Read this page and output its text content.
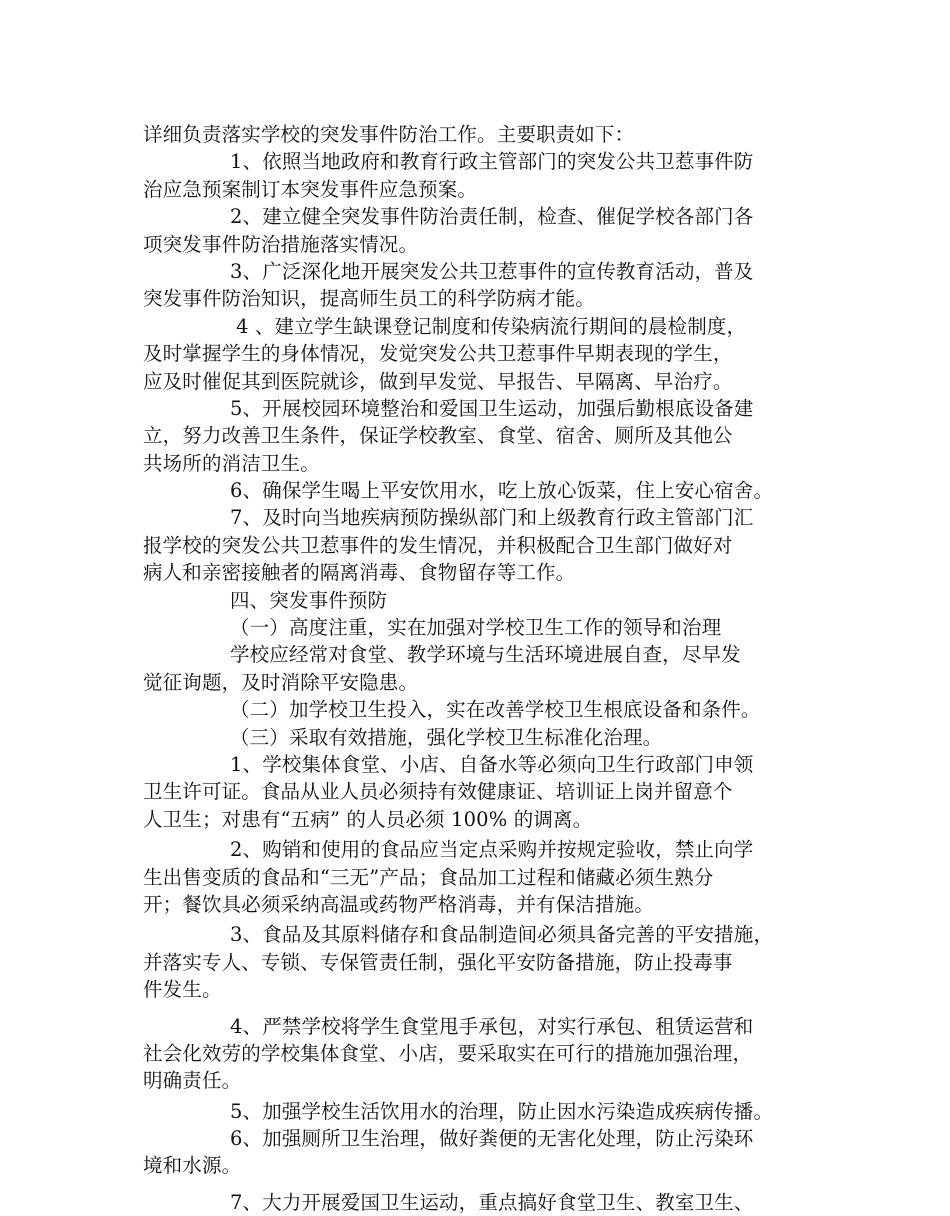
详细负责落实学校的突发事件防治工作。主要职责如下：
1、依照当地政府和教育行政主管部门的突发公共卫惹事件防
治应急预案制订本突发事件应急预案。
2、建立健全突发事件防治责任制，检查、催促学校各部门各
项突发事件防治措施落实情况。
3、广泛深化地开展突发公共卫惹事件的宣传教育活动，普及
突发事件防治知识，提高师生员工的科学防病才能。
4 、建立学生缺课登记制度和传染病流行期间的晨检制度，
及时掌握学生的身体情况，发觉突发公共卫惹事件早期表现的学生，
应及时催促其到医院就诊，做到早发觉、早报告、早隔离、早治疗。
5、开展校园环境整治和爱国卫生运动，加强后勤根底设备建
立，努力改善卫生条件，保证学校教室、食堂、宿舍、厕所及其他公
共场所的消洁卫生。
6、确保学生喝上平安饮用水，吃上放心饭菜，住上安心宿舍。
7、及时向当地疾病预防操纵部门和上级教育行政主管部门汇
报学校的突发公共卫惹事件的发生情况，并积极配合卫生部门做好对
病人和亲密接触者的隔离消毒、食物留存等工作。
四、突发事件预防
（一）高度注重，实在加强对学校卫生工作的领导和治理
学校应经常对食堂、教学环境与生活环境进展自查，尽早发
觉征询题，及时消除平安隐患。
（二）加学校卫生投入，实在改善学校卫生根底设备和条件。
（三）采取有效措施，强化学校卫生标准化治理。
1、学校集体食堂、小店、自备水等必须向卫生行政部门申领
卫生许可证。食品从业人员必须持有效健康证、培训证上岗并留意个
人卫生；对患有“五病” 的人员必须 100% 的调离。
2、购销和使用的食品应当定点采购并按规定验收，禁止向学
生出售变质的食品和“三无”产品；食品加工过程和储藏必须生熟分
开；餐饮具必须采纳高温或药物严格消毒，并有保洁措施。
3、食品及其原料储存和食品制造间必须具备完善的平安措施，
并落实专人、专锁、专保管责任制，强化平安防备措施，防止投毒事
件发生。
4、严禁学校将学生食堂甩手承包，对实行承包、租赁运营和
社会化效劳的学校集体食堂、小店，要采取实在可行的措施加强治理，
明确责任。
5、加强学校生活饮用水的治理，防止因水污染造成疾病传播。
6、加强厕所卫生治理，做好粪便的无害化处理，防止污染环
境和水源。
7、大力开展爱国卫生运动，重点搞好食堂卫生、教室卫生、
